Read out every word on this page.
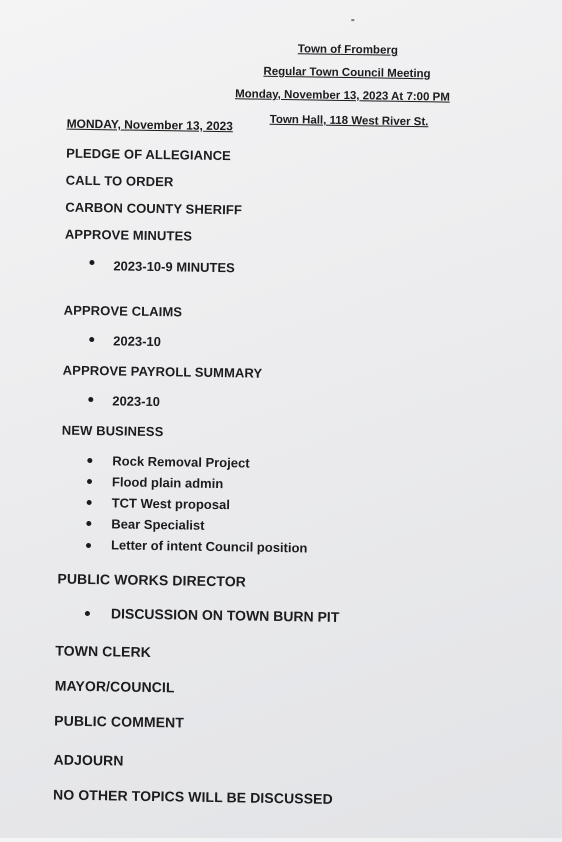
Town of Fromberg
Regular Town Council Meeting
Monday, November 13, 2023 At 7:00 PM
Town Hall, 118 West River St.
MONDAY, November 13, 2023
PLEDGE OF ALLEGIANCE
CALL TO ORDER
CARBON COUNTY SHERIFF
APPROVE MINUTES
2023-10-9 MINUTES
APPROVE CLAIMS
2023-10
APPROVE PAYROLL SUMMARY
2023-10
NEW BUSINESS
Rock Removal Project
Flood plain admin
TCT West proposal
Bear Specialist
Letter of intent Council position
PUBLIC WORKS DIRECTOR
DISCUSSION ON TOWN BURN PIT
TOWN CLERK
MAYOR/COUNCIL
PUBLIC COMMENT
ADJOURN
NO OTHER TOPICS WILL BE DISCUSSED
